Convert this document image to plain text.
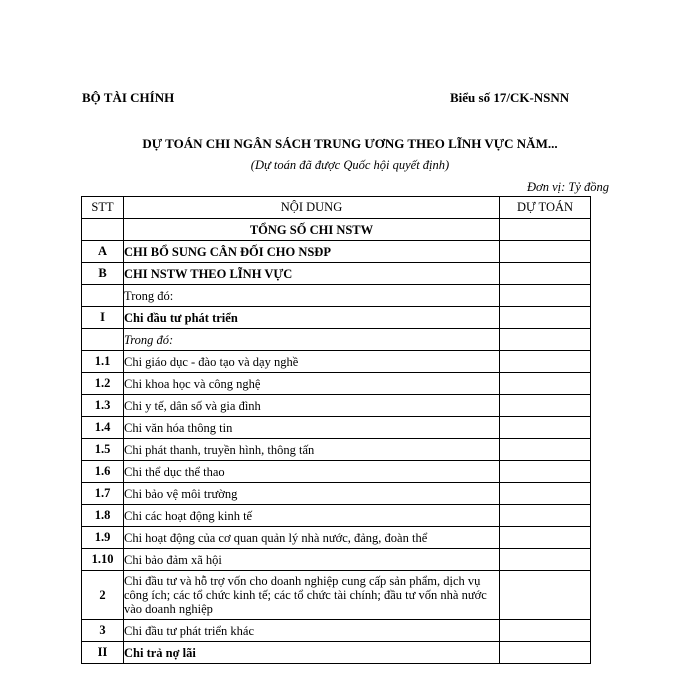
BỘ TÀI CHÍNH	Biểu số 17/CK-NSNN
DỰ TOÁN CHI NGÂN SÁCH TRUNG ƯƠNG THEO LĨNH VỰC NĂM...
(Dự toán đã được Quốc hội quyết định)
Đơn vị: Tỷ đồng
STT	NỘI DUNG	DỰ TOÁN
	TỔNG SỐ CHI NSTW	
A	CHI BỔ SUNG CÂN ĐỐI CHO NSĐP	
B	CHI NSTW THEO LĨNH VỰC	
	Trong đó:	
I	Chi đầu tư phát triển	
	Trong đó:	
1.1	Chi giáo dục - đào tạo và dạy nghề	
1.2	Chi khoa học và công nghệ	
1.3	Chi y tế, dân số và gia đình	
1.4	Chi văn hóa thông tin	
1.5	Chi phát thanh, truyền hình, thông tấn	
1.6	Chi thể dục thể thao	
1.7	Chi bảo vệ môi trường	
1.8	Chi các hoạt động kinh tế	
1.9	Chi hoạt động của cơ quan quản lý nhà nước, đảng, đoàn thể	
1.10	Chi bảo đảm xã hội	
2	Chi đầu tư và hỗ trợ vốn cho doanh nghiệp cung cấp sản phẩm, dịch vụ công ích; các tổ chức kinh tế; các tổ chức tài chính; đầu tư vốn nhà nước vào doanh nghiệp	
3	Chi đầu tư phát triển khác	
II	Chi trả nợ lãi	
